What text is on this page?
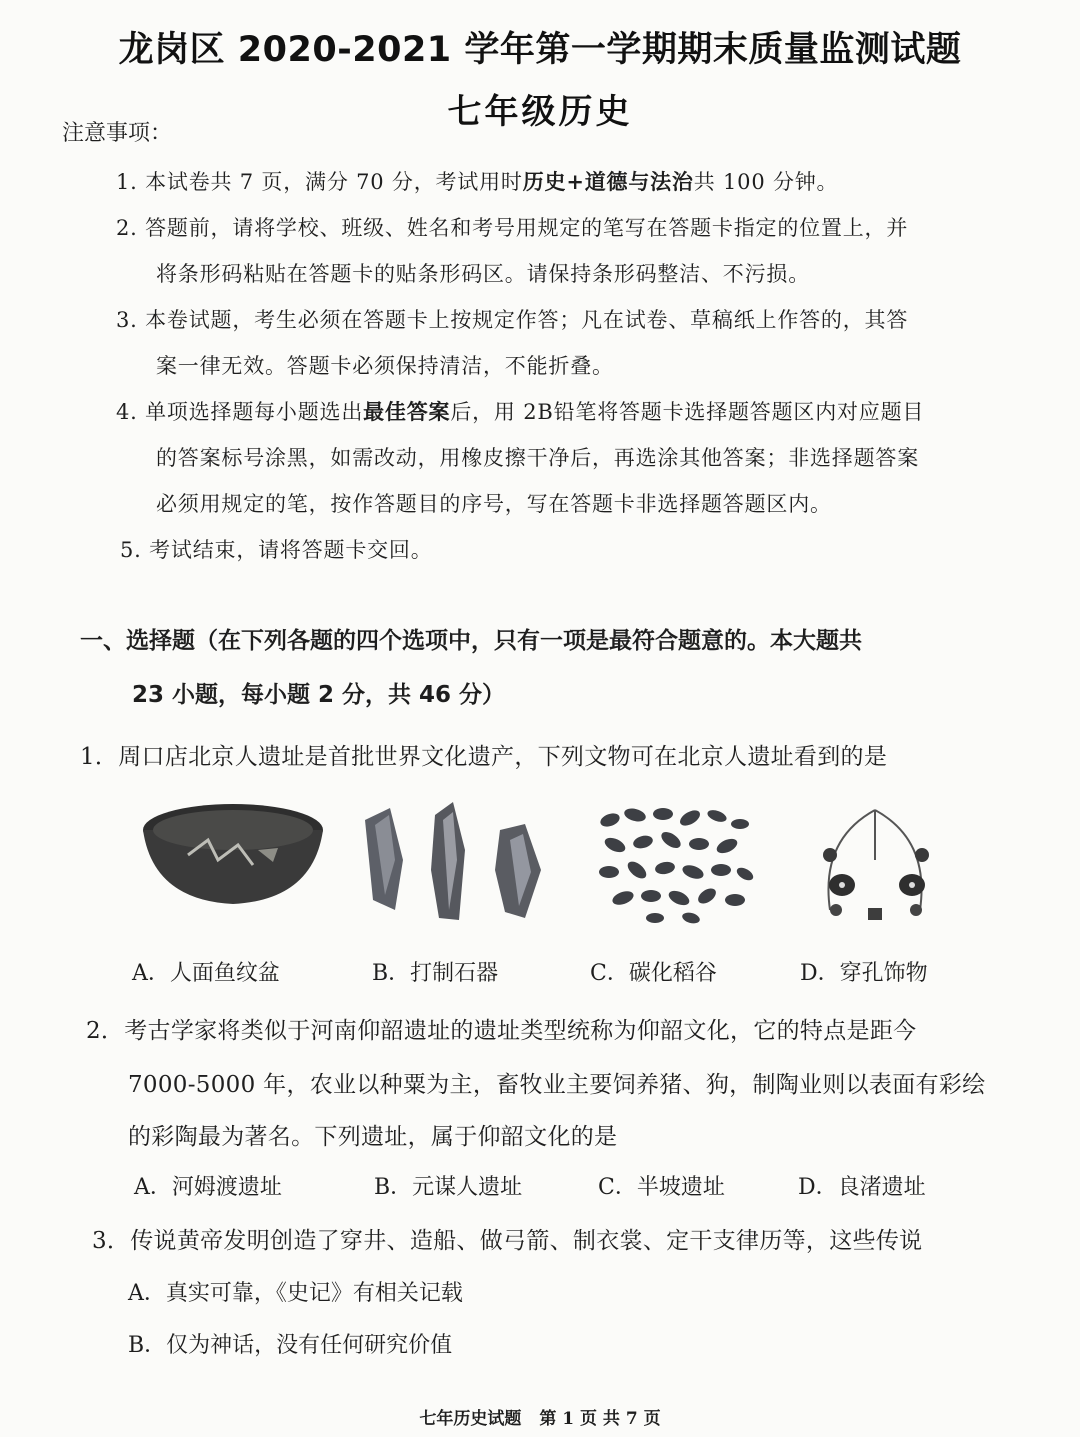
龙岗区 2020-2021 学年第一学期期末质量监测试题
七年级历史
注意事项：
1. 本试卷共 7 页，满分 70 分，考试用时历史+道德与法治共 100 分钟。
2. 答题前，请将学校、班级、姓名和考号用规定的笔写在答题卡指定的位置上，并
将条形码粘贴在答题卡的贴条形码区。请保持条形码整洁、不污损。
3. 本卷试题，考生必须在答题卡上按规定作答；凡在试卷、草稿纸上作答的，其答
案一律无效。答题卡必须保持清洁，不能折叠。
4. 单项选择题每小题选出最佳答案后，用 2B铅笔将答题卡选择题答题区内对应题目
的答案标号涂黑，如需改动，用橡皮擦干净后，再选涂其他答案；非选择题答案
必须用规定的笔，按作答题目的序号，写在答题卡非选择题答题区内。
5. 考试结束，请将答题卡交回。
一、选择题（在下列各题的四个选项中，只有一项是最符合题意的。本大题共
23 小题，每小题 2 分，共 46 分）
1．周口店北京人遗址是首批世界文化遗产，下列文物可在北京人遗址看到的是
A．人面鱼纹盆	B．打制石器	C．碳化稻谷	D．穿孔饰物
2．考古学家将类似于河南仰韶遗址的遗址类型统称为仰韶文化，它的特点是距今
7000-5000 年，农业以种粟为主，畜牧业主要饲养猪、狗，制陶业则以表面有彩绘
的彩陶最为著名。下列遗址，属于仰韶文化的是
A．河姆渡遗址	B．元谋人遗址	C．半坡遗址	D．良渚遗址
3．传说黄帝发明创造了穿井、造船、做弓箭、制衣裳、定干支律历等，这些传说
A．真实可靠，《史记》有相关记载
B．仅为神话，没有任何研究价值
七年历史试题 第 1 页 共 7 页
